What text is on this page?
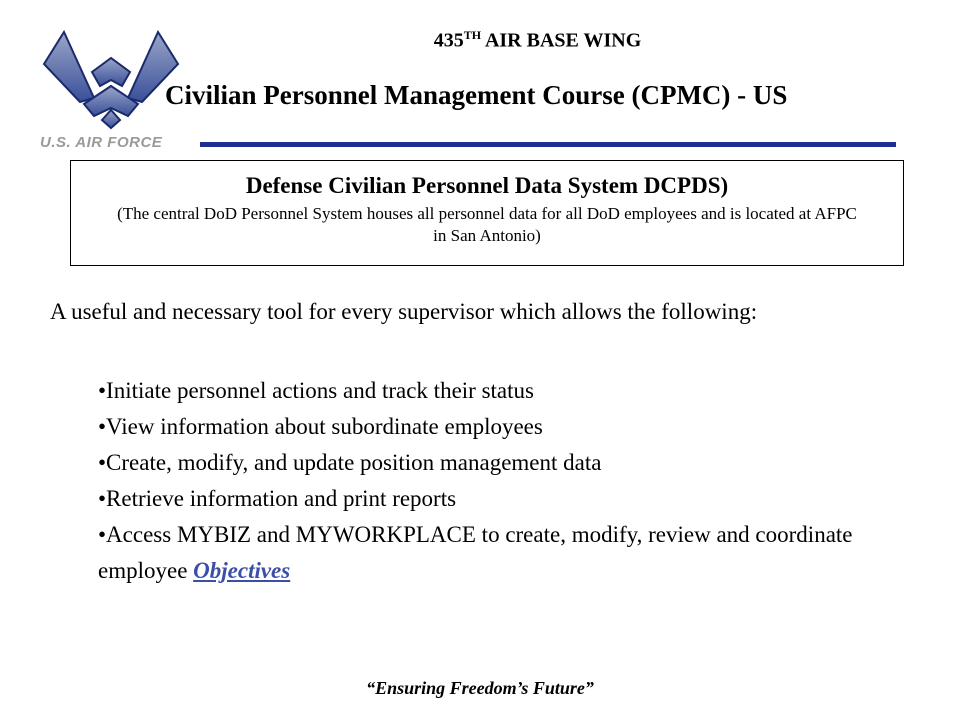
U.S. AIR FORCE
435TH AIR BASE WING
Civilian Personnel Management Course (CPMC) - US
Defense Civilian Personnel Data System DCPDS)
(The central DoD Personnel System houses all personnel data for all DoD employees and is located at AFPC in San Antonio)
A useful and necessary tool for every supervisor which allows the following:
•Initiate personnel actions and track their status
•View information about subordinate employees
•Create, modify, and update position management data
•Retrieve information and print reports
•Access MYBIZ and MYWORKPLACE to create, modify, review and coordinate employee Objectives
“Ensuring Freedom’s Future”
